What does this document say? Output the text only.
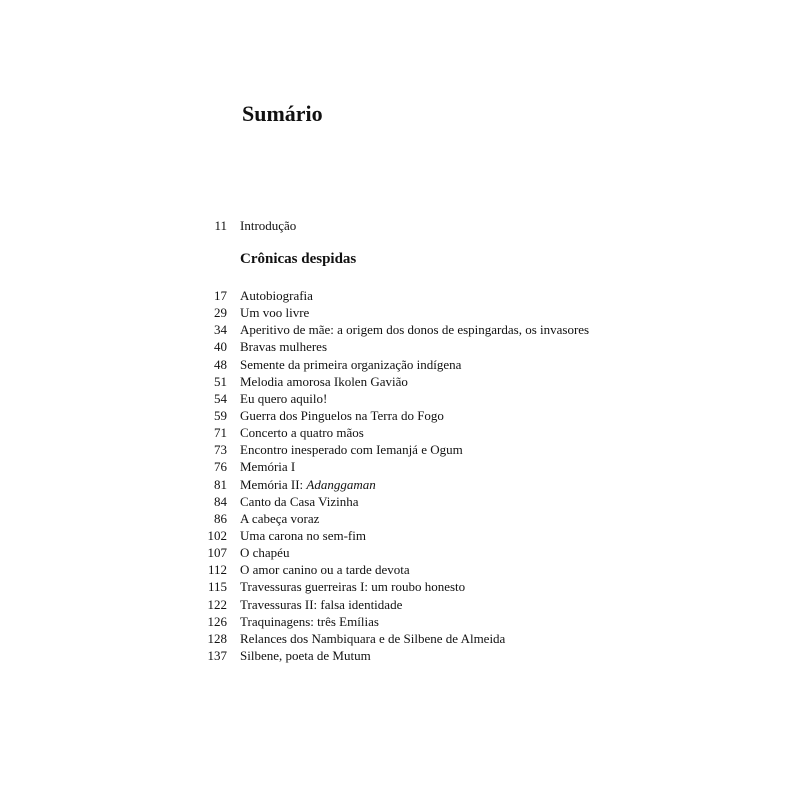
Sumário
11 Introdução
Crônicas despidas
17 Autobiografia
29 Um voo livre
34 Aperitivo de mãe: a origem dos donos de espingardas, os invasores
40 Bravas mulheres
48 Semente da primeira organização indígena
51 Melodia amorosa Ikolen Gavião
54 Eu quero aquilo!
59 Guerra dos Pinguelos na Terra do Fogo
71 Concerto a quatro mãos
73 Encontro inesperado com Iemanjá e Ogum
76 Memória I
81 Memória II: Adanggaman
84 Canto da Casa Vizinha
86 A cabeça voraz
102 Uma carona no sem-fim
107 O chapéu
112 O amor canino ou a tarde devota
115 Travessuras guerreiras I: um roubo honesto
122 Travessuras II: falsa identidade
126 Traquinagens: três Emílias
128 Relances dos Nambiquara e de Silbene de Almeida
137 Silbene, poeta de Mutum
